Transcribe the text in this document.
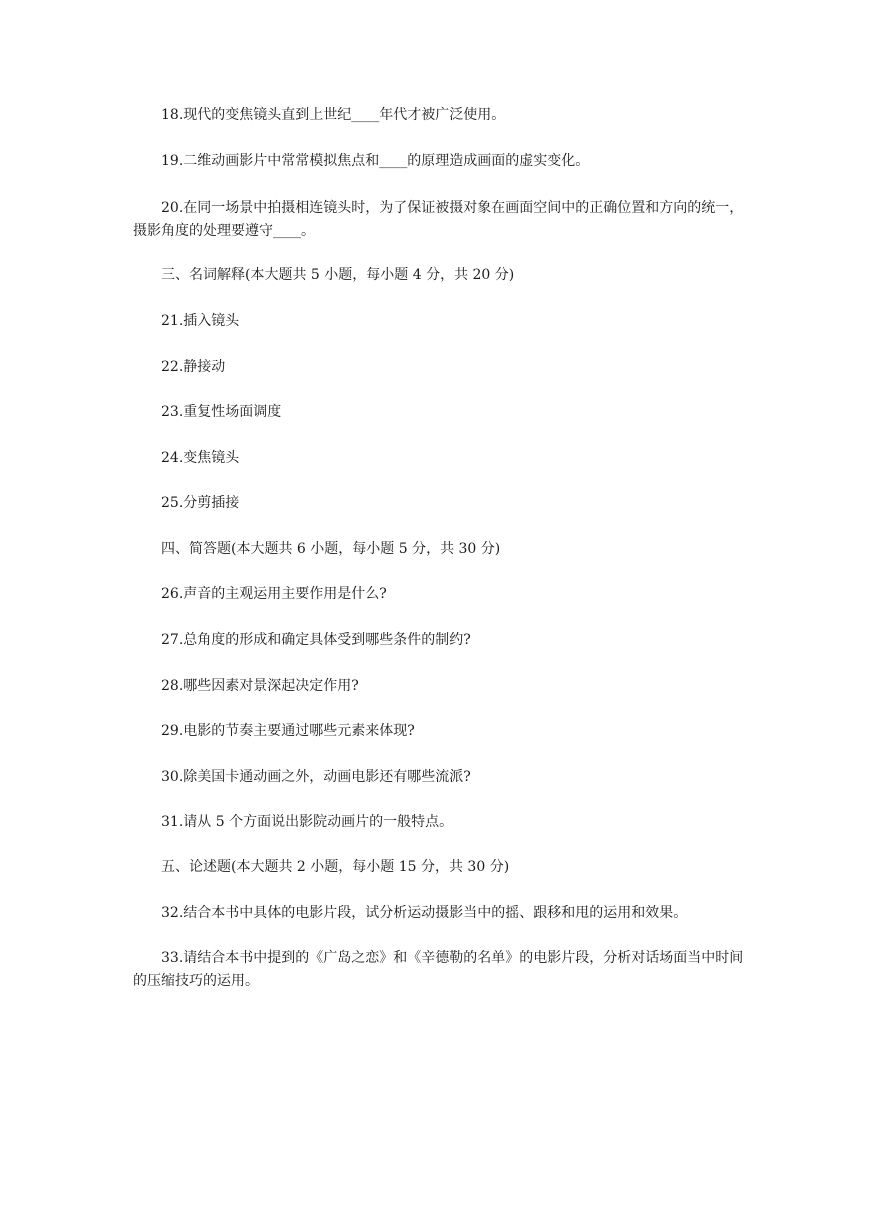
18.现代的变焦镜头直到上世纪____年代才被广泛使用。

19.二维动画影片中常常模拟焦点和____的原理造成画面的虚实变化。

20.在同一场景中拍摄相连镜头时，为了保证被摄对象在画面空间中的正确位置和方向的统一，摄影角度的处理要遵守____。

三、名词解释(本大题共 5 小题，每小题 4 分，共 20 分)

21.插入镜头

22.静接动

23.重复性场面调度

24.变焦镜头

25.分剪插接

四、简答题(本大题共 6 小题，每小题 5 分，共 30 分)

26.声音的主观运用主要作用是什么?

27.总角度的形成和确定具体受到哪些条件的制约?

28.哪些因素对景深起决定作用?

29.电影的节奏主要通过哪些元素来体现?

30.除美国卡通动画之外，动画电影还有哪些流派?

31.请从 5 个方面说出影院动画片的一般特点。

五、论述题(本大题共 2 小题，每小题 15 分，共 30 分)

32.结合本书中具体的电影片段，试分析运动摄影当中的摇、跟移和甩的运用和效果。

33.请结合本书中提到的《广岛之恋》和《辛德勒的名单》的电影片段，分析对话场面当中时间的压缩技巧的运用。
